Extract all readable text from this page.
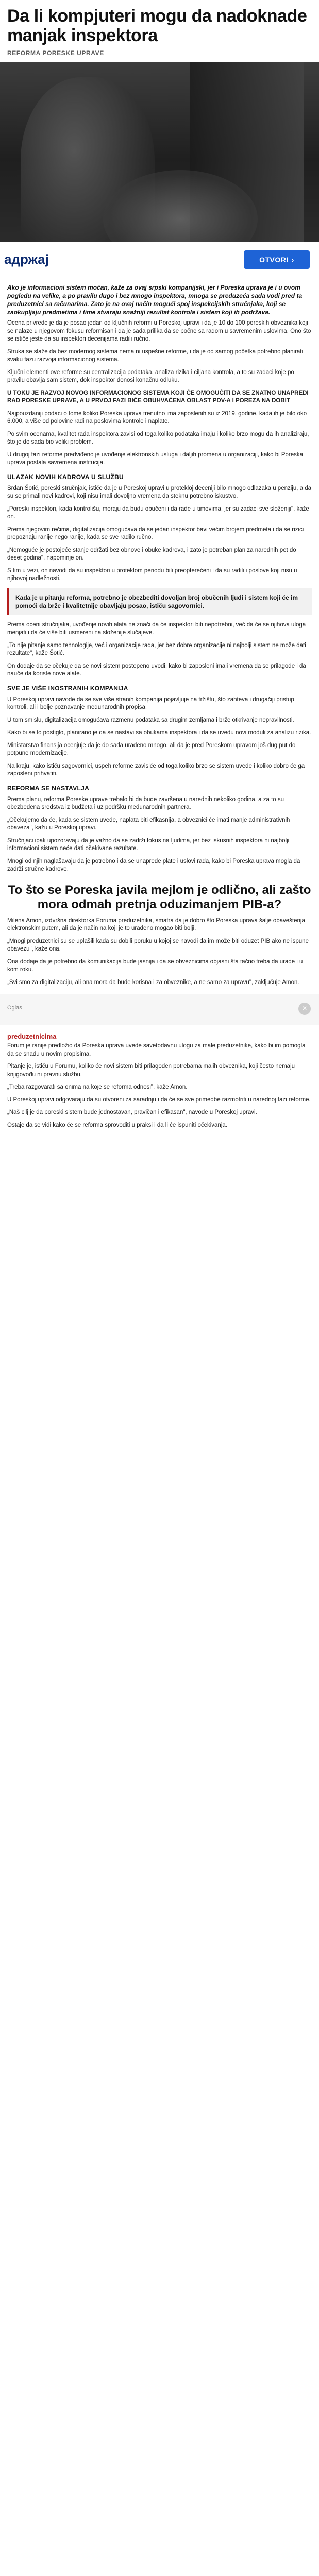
Da li kompjuteri mogu da nadoknade manjak inspektora
REFORMA PORESKE UPRAVE
адржај	OTVORI ›
Ako je informacioni sistem moćan, kaže za ovaj srpski kompanijski, jer i Poreska uprava je i u ovom pogledu na velike, a po pravilu dugo i bez mnogo inspektora, mnoga se preduzeća sada vodi pred ta preduzetnici sa računarima. Zato je na ovaj način mogući spoj inspekcijskih stručnjaka, koji se zaokupljaju predmetima i time stvaraju snažniji rezultat kontrola i sistem koji ih podržava.

Ocena privrede je da je posao jedan od ključnih reformi u Poreskoj upravi i da je 10 do 100 poreskih obveznika koji se nalaze u njegovom fokusu reformisan i da je sada prilika da se počne sa radom u savremenim uslovima. Ono što se ističe jeste da su inspektori decenijama radili ručno.

Struka se slaže da bez modernog sistema nema ni uspešne reforme, i da je od samog početka potrebno planirati svaku fazu razvoja informacionog sistema.

Ključni elementi ove reforme su centralizacija podataka, analiza rizika i ciljana kontrola, a to su zadaci koje po pravilu obavlja sam sistem, dok inspektor donosi konačnu odluku.

U TOKU JE RAZVOJ NOVOG INFORMACIONOG SISTEMA KOJI ĆE OMOGUĆITI DA SE ZNATNO UNAPREDI RAD PORESKE UPRAVE, A U PRVOJ FAZI BIĆE OBUHVAĆENA OBLAST PDV-A I POREZA NA DOBIT

Najpouzdaniji podaci o tome koliko Poreska uprava trenutno ima zaposlenih su iz 2019. godine, kada ih je bilo oko 6.000, a više od polovine radi na poslovima kontrole i naplate.

Po svim ocenama, kvalitet rada inspektora zavisi od toga koliko podataka imaju i koliko brzo mogu da ih analiziraju, što je do sada bio veliki problem.

U drugoj fazi reforme predviđeno je uvođenje elektronskih usluga i daljih promena u organizaciji, kako bi Poreska uprava postala savremena institucija.

ULAZAK NOVIH KADROVA U SLUŽBU

Srđan Šotić, poreski stručnjak, ističe da je u Poreskoj upravi u protekloj deceniji bilo mnogo odlazaka u penziju, a da su se primali novi kadrovi, koji nisu imali dovoljno vremena da steknu potrebno iskustvo.

„Poreski inspektori, kada kontrolišu, moraju da budu obučeni i da rade u timovima, jer su zadaci sve složeniji", kaže on.

Prema njegovim rečima, digitalizacija omogućava da se jedan inspektor bavi većim brojem predmeta i da se rizici prepoznaju ranije nego ranije, kada se sve radilo ručno.

„Nemoguće je postojeće stanje održati bez obnove i obuke kadrova, i zato je potreban plan za narednih pet do deset godina", napominje on.

S tim u vezi, on navodi da su inspektori u proteklom periodu bili preopterećeni i da su radili i poslove koji nisu u njihovoj nadležnosti.

Kada je u pitanju reforma, potrebno je obezbediti dovoljan broj obučenih ljudi i sistem koji će im pomoći da brže i kvalitetnije obavljaju posao, ističu sagovornici.

Prema oceni stručnjaka, uvođenje novih alata ne znači da će inspektori biti nepotrebni, već da će se njihova uloga menjati i da će više biti usmereni na složenije slučajeve.

„To nije pitanje samo tehnologije, već i organizacije rada, jer bez dobre organizacije ni najbolji sistem ne može dati rezultate", kaže Šotić.

On dodaje da se očekuje da se novi sistem postepeno uvodi, kako bi zaposleni imali vremena da se prilagode i da nauče da koriste nove alate.

SVE JE VIŠE INOSTRANIH KOMPANIJA

U Poreskoj upravi navode da se sve više stranih kompanija pojavljuje na tržištu, što zahteva i drugačiji pristup kontroli, ali i bolje poznavanje međunarodnih propisa.

U tom smislu, digitalizacija omogućava razmenu podataka sa drugim zemljama i brže otkrivanje nepravilnosti.

Kako bi se to postiglo, planirano je da se nastavi sa obukama inspektora i da se uvedu novi moduli za analizu rizika.

Ministarstvo finansija ocenjuje da je do sada urađeno mnogo, ali da je pred Poreskom upravom još dug put do potpune modernizacije.

Na kraju, kako ističu sagovornici, uspeh reforme zavisiće od toga koliko brzo se sistem uvede i koliko dobro će ga zaposleni prihvatiti.

REFORMA SE NASTAVLJA

Prema planu, reforma Poreske uprave trebalo bi da bude završena u narednih nekoliko godina, a za to su obezbeđena sredstva iz budžeta i uz podršku međunarodnih partnera.

„Očekujemo da će, kada se sistem uvede, naplata biti efikasnija, a obveznici će imati manje administrativnih obaveza", kažu u Poreskoj upravi.

Stručnjaci ipak upozoravaju da je važno da se zadrži fokus na ljudima, jer bez iskusnih inspektora ni najbolji informacioni sistem neće dati očekivane rezultate.

Mnogi od njih naglašavaju da je potrebno i da se unaprede plate i uslovi rada, kako bi Poreska uprava mogla da zadrži stručne kadrove.

To što se Poreska javila mejlom je odlično, ali zašto mora odmah pretnja oduzimanjem PIB-a?

Milena Amon, izdvršna direktorka Foruma preduzetnika, smatra da je dobro što Poreska uprava šalje obaveštenja elektronskim putem, ali da je način na koji je to urađeno mogao biti bolji.

„Mnogi preduzetnici su se uplašili kada su dobili poruku u kojoj se navodi da im može biti oduzet PIB ako ne ispune obavezu", kaže ona.

Ona dodaje da je potrebno da komunikacija bude jasnija i da se obveznicima objasni šta tačno treba da urade i u kom roku.

„Svi smo za digitalizaciju, ali ona mora da bude korisna i za obveznike, a ne samo za upravu", zaključuje Amon.

Oglas	×
preduzetnicima

Forum je ranije predložio da Poreska uprava uvede savetodavnu ulogu za male preduzetnike, kako bi im pomogla da se snađu u novim propisima.

Pitanje je, ističu u Forumu, koliko će novi sistem biti prilagođen potrebama malih obveznika, koji često nemaju knjigovođu ni pravnu službu.

„Treba razgovarati sa onima na koje se reforma odnosi", kaže Amon.

U Poreskoj upravi odgovaraju da su otvoreni za saradnju i da će se sve primedbe razmotriti u narednoj fazi reforme.

„Naš cilj je da poreski sistem bude jednostavan, pravičan i efikasan", navode u Poreskoj upravi.

Ostaje da se vidi kako će se reforma sprovoditi u praksi i da li će ispuniti očekivanja.
